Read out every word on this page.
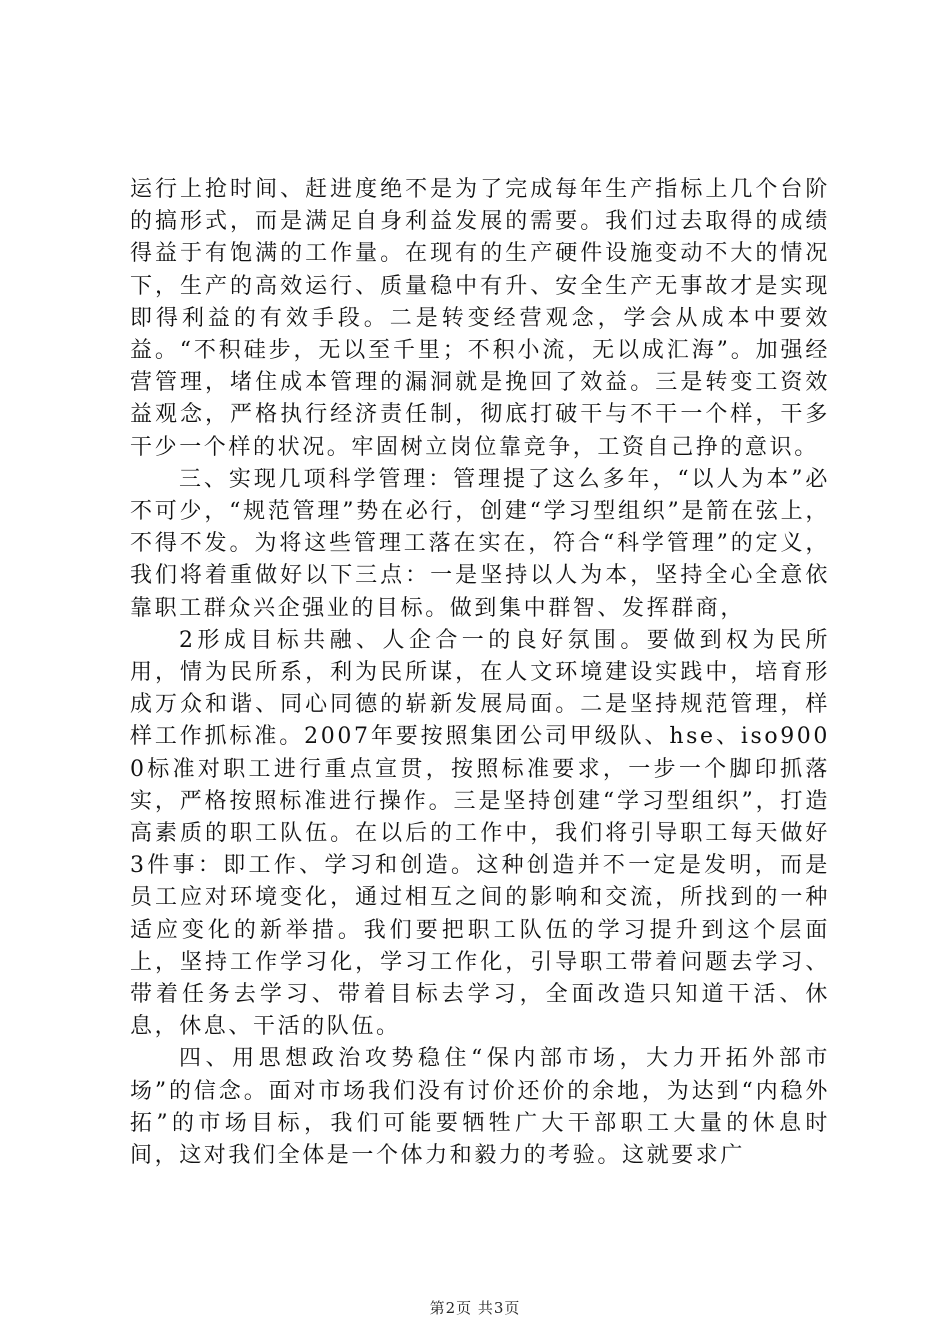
运行上抢时间、赶进度绝不是为了完成每年生产指标上几个台阶的搞形式，而是满足自身利益发展的需要。我们过去取得的成绩得益于有饱满的工作量。在现有的生产硬件设施变动不大的情况下，生产的高效运行、质量稳中有升、安全生产无事故才是实现即得利益的有效手段。二是转变经营观念，学会从成本中要效益。“不积硅步，无以至千里；不积小流，无以成汇海”。加强经营管理，堵住成本管理的漏洞就是挽回了效益。三是转变工资效益观念，严格执行经济责任制，彻底打破干与不干一个样，干多干少一个样的状况。牢固树立岗位靠竞争，工资自己挣的意识。

三、实现几项科学管理：管理提了这么多年，“以人为本”必不可少，“规范管理”势在必行，创建“学习型组织”是箭在弦上，不得不发。为将这些管理工落在实在，符合“科学管理”的定义，我们将着重做好以下三点：一是坚持以人为本，坚持全心全意依靠职工群众兴企强业的目标。做到集中群智、发挥群商，

2形成目标共融、人企合一的良好氛围。要做到权为民所用，情为民所系，利为民所谋，在人文环境建设实践中，培育形成万众和谐、同心同德的崭新发展局面。二是坚持规范管理，样样工作抓标准。2007年要按照集团公司甲级队、hse、iso9000标准对职工进行重点宣贯，按照标准要求，一步一个脚印抓落实，严格按照标准进行操作。三是坚持创建“学习型组织”，打造高素质的职工队伍。在以后的工作中，我们将引导职工每天做好3件事：即工作、学习和创造。这种创造并不一定是发明，而是员工应对环境变化，通过相互之间的影响和交流，所找到的一种适应变化的新举措。我们要把职工队伍的学习提升到这个层面上，坚持工作学习化，学习工作化，引导职工带着问题去学习、带着任务去学习、带着目标去学习，全面改造只知道干活、休息，休息、干活的队伍。

四、用思想政治攻势稳住“保内部市场，大力开拓外部市场”的信念。面对市场我们没有讨价还价的余地，为达到“内稳外拓”的市场目标，我们可能要牺牲广大干部职工大量的休息时间，这对我们全体是一个体力和毅力的考验。这就要求广

第2页 共3页
